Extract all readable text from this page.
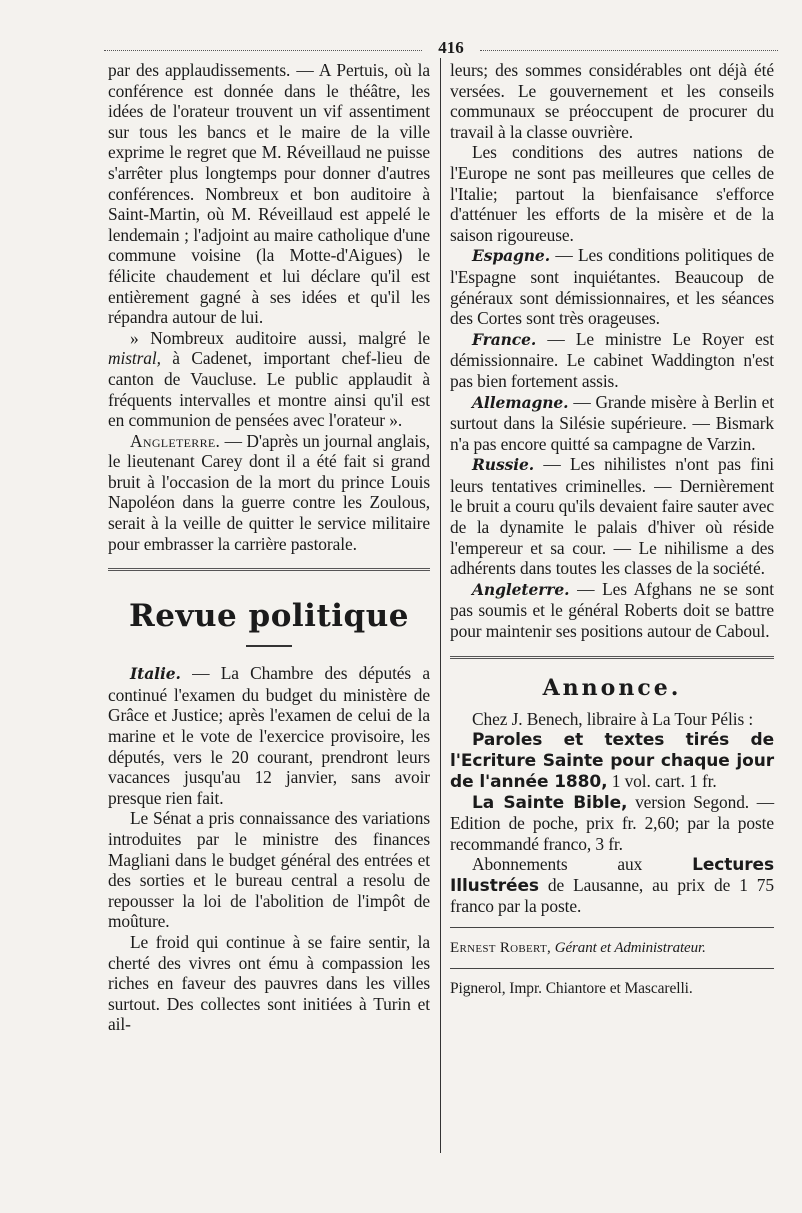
416

par des applaudissements. — A Pertuis, où la conférence est donnée dans le théâtre, les idées de l'orateur trouvent un vif assentiment sur tous les bancs et le maire de la ville exprime le regret que M. Réveillaud ne puisse s'arrêter plus longtemps pour donner d'autres conférences. Nombreux et bon auditoire à Saint-Martin, où M. Réveillaud est appelé le lendemain ; l'adjoint au maire catholique d'une commune voisine (la Motte-d'Aigues) le félicite chaudement et lui déclare qu'il est entièrement gagné à ses idées et qu'il les répandra autour de lui.

» Nombreux auditoire aussi, malgré le mistral, à Cadenet, important chef-lieu de canton de Vaucluse. Le public applaudit à fréquents intervalles et montre ainsi qu'il est en communion de pensées avec l'orateur ».

Angleterre. — D'après un journal anglais, le lieutenant Carey dont il a été fait si grand bruit à l'occasion de la mort du prince Louis Napoléon dans la guerre contre les Zoulous, serait à la veille de quitter le service militaire pour embrasser la carrière pastorale.

Revue politique

Italie. — La Chambre des députés a continué l'examen du budget du ministère de Grâce et Justice; après l'examen de celui de la marine et le vote de l'exercice provisoire, les députés, vers le 20 courant, prendront leurs vacances jusqu'au 12 janvier, sans avoir presque rien fait.

Le Sénat a pris connaissance des variations introduites par le ministre des finances Magliani dans le budget général des entrées et des sorties et le bureau central a resolu de repousser la loi de l'abolition de l'impôt de moûture.

Le froid qui continue à se faire sentir, la cherté des vivres ont ému à compassion les riches en faveur des pauvres dans les villes surtout. Des collectes sont initiées à Turin et ail-

leurs; des sommes considérables ont déjà été versées. Le gouvernement et les conseils communaux se préoccupent de procurer du travail à la classe ouvrière.

Les conditions des autres nations de l'Europe ne sont pas meilleures que celles de l'Italie; partout la bienfaisance s'efforce d'atténuer les efforts de la misère et de la saison rigoureuse.

Espagne. — Les conditions politiques de l'Espagne sont inquiétantes. Beaucoup de généraux sont démissionnaires, et les séances des Cortes sont très orageuses.

France. — Le ministre Le Royer est démissionnaire. Le cabinet Waddington n'est pas bien fortement assis.

Allemagne. — Grande misère à Berlin et surtout dans la Silésie supérieure. — Bismark n'a pas encore quitté sa campagne de Varzin.

Russie. — Les nihilistes n'ont pas fini leurs tentatives criminelles. — Dernièrement le bruit a couru qu'ils devaient faire sauter avec de la dynamite le palais d'hiver où réside l'empereur et sa cour. — Le nihilisme a des adhérents dans toutes les classes de la société.

Angleterre. — Les Afghans ne se sont pas soumis et le général Roberts doit se battre pour maintenir ses positions autour de Caboul.

Annonce.

Chez J. Benech, libraire à La Tour Pélis :

Paroles et textes tirés de l'Ecriture Sainte pour chaque jour de l'année 1880, 1 vol. cart. 1 fr.

La Sainte Bible, version Segond. — Edition de poche, prix fr. 2,60; par la poste recommandé franco, 3 fr.

Abonnements aux	Lectures Illustrées de Lausanne, au prix de 1 75 franco par la poste.

Ernest Robert, Gérant et Administrateur.

Pignerol, Impr. Chiantore et Mascarelli.
